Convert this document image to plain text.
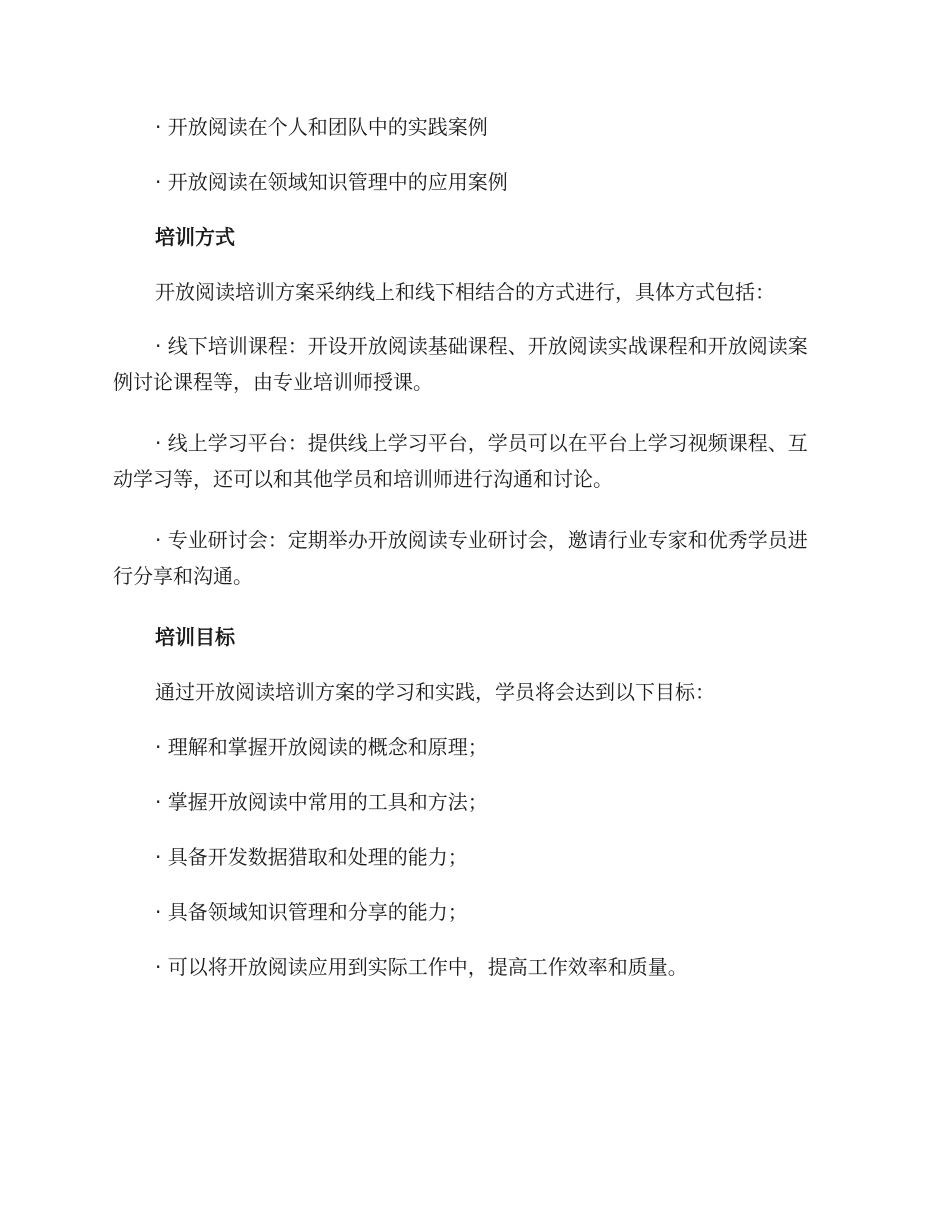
· 开放阅读在个人和团队中的实践案例

· 开放阅读在领域知识管理中的应用案例

培训方式

开放阅读培训方案采纳线上和线下相结合的方式进行，具体方式包括：

· 线下培训课程：开设开放阅读基础课程、开放阅读实战课程和开放阅读案例讨论课程等，由专业培训师授课。

· 线上学习平台：提供线上学习平台，学员可以在平台上学习视频课程、互动学习等，还可以和其他学员和培训师进行沟通和讨论。

· 专业研讨会：定期举办开放阅读专业研讨会，邀请行业专家和优秀学员进行分享和沟通。

培训目标

通过开放阅读培训方案的学习和实践，学员将会达到以下目标：

· 理解和掌握开放阅读的概念和原理；

· 掌握开放阅读中常用的工具和方法；

· 具备开发数据猎取和处理的能力；

· 具备领域知识管理和分享的能力；

· 可以将开放阅读应用到实际工作中，提高工作效率和质量。
